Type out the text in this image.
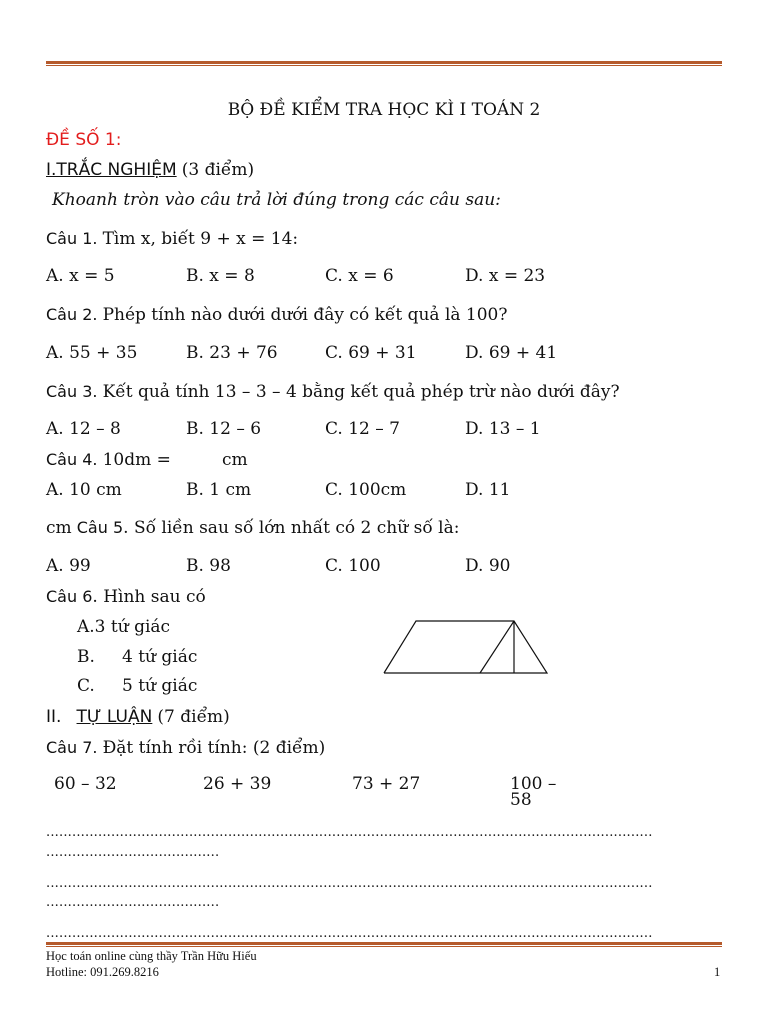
BỘ ĐỀ KIỂM TRA HỌC KÌ I TOÁN 2
ĐỀ SỐ 1:
I.TRẮC NGHIỆM (3 điểm)
Khoanh tròn vào câu trả lời đúng trong các câu sau:
Câu 1. Tìm x, biết 9 + x = 14:
A. x = 5	B. x = 8	C. x = 6	D. x = 23
Câu 2. Phép tính nào dưới dưới đây có kết quả là 100?
A. 55 + 35	B. 23 + 76	C. 69 + 31	D. 69 + 41
Câu 3. Kết quả tính 13 – 3 – 4 bằng kết quả phép trừ nào dưới đây?
A. 12 – 8	B. 12 – 6	C. 12 – 7	D. 13 – 1
Câu 4. 10dm =	cm
A. 10 cm	B. 1 cm	C. 100cm	D. 11
cm Câu 5. Số liền sau số lớn nhất có 2 chữ số là:
A. 99	B. 98	C. 100	D. 90
Câu 6. Hình sau có
A.3 tứ giác
B. 4 tứ giác
C. 5 tứ giác
II. TỰ LUẬN (7 điểm)
Câu 7. Đặt tính rồi tính: (2 điểm)
60 – 32	26 + 39	73 + 27	100 –
58
............................................................................................................................................
........................................
............................................................................................................................................
........................................
............................................................................................................................................
Học toán online cùng thầy Trần Hữu Hiếu
Hotline: 091.269.8216	1
